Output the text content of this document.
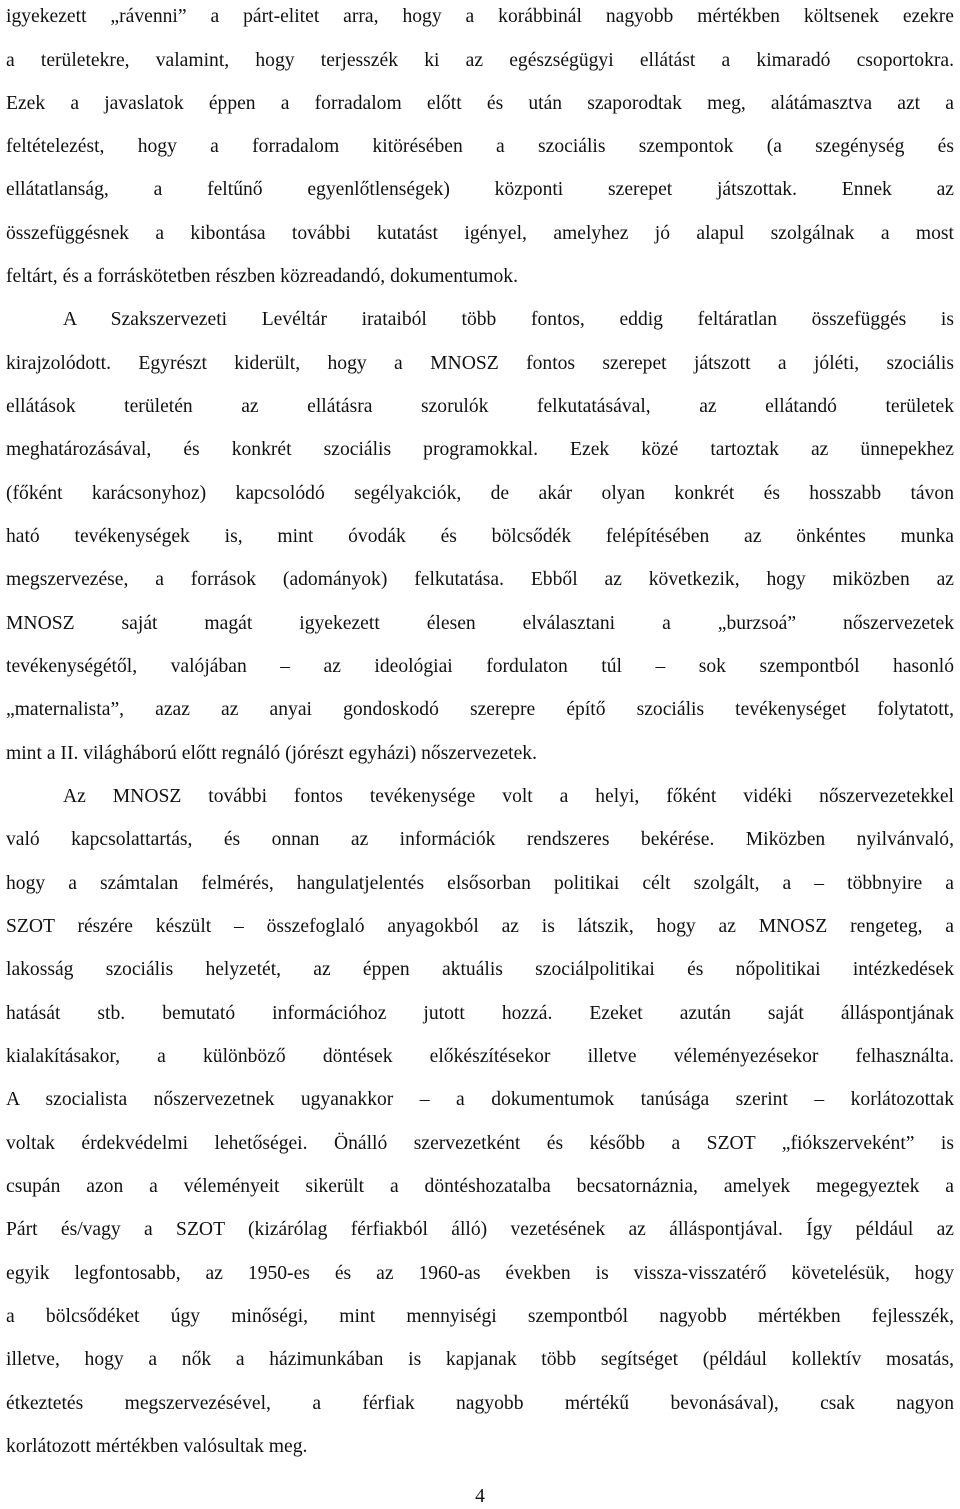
igyekezett „rávenni” a párt-elitet arra, hogy a korábbinál nagyobb mértékben költsenek ezekre
a területekre, valamint, hogy terjesszék ki az egészségügyi ellátást a kimaradó csoportokra.
Ezek a javaslatok éppen a forradalom előtt és után szaporodtak meg, alátámasztva azt a
feltételezést, hogy a forradalom kitörésében a szociális szempontok (a szegénység és
ellátatlanság, a feltűnő egyenlőtlenségek) központi szerepet játszottak. Ennek az
összefüggésnek a kibontása további kutatást igényel, amelyhez jó alapul szolgálnak a most
feltárt, és a forráskötetben részben közreadandó, dokumentumok.
A Szakszervezeti Levéltár irataiból több fontos, eddig feltáratlan összefüggés is
kirajzolódott. Egyrészt kiderült, hogy a MNOSZ fontos szerepet játszott a jóléti, szociális
ellátások területén az ellátásra szorulók felkutatásával, az ellátandó területek
meghatározásával, és konkrét szociális programokkal. Ezek közé tartoztak az ünnepekhez
(főként karácsonyhoz) kapcsolódó segélyakciók, de akár olyan konkrét és hosszabb távon
ható tevékenységek is, mint óvodák és bölcsődék felépítésében az önkéntes munka
megszervezése, a források (adományok) felkutatása. Ebből az következik, hogy miközben az
MNOSZ saját magát igyekezett élesen elválasztani a „burzsoá” nőszervezetek
tevékenységétől, valójában – az ideológiai fordulaton túl – sok szempontból hasonló
„maternalista”, azaz az anyai gondoskodó szerepre építő szociális tevékenységet folytatott,
mint a II. világháború előtt regnáló (jórészt egyházi) nőszervezetek.
Az MNOSZ további fontos tevékenysége volt a helyi, főként vidéki nőszervezetekkel
való kapcsolattartás, és onnan az információk rendszeres bekérése. Miközben nyilvánvaló,
hogy a számtalan felmérés, hangulatjelentés elsősorban politikai célt szolgált, a – többnyire a
SZOT részére készült – összefoglaló anyagokból az is látszik, hogy az MNOSZ rengeteg, a
lakosság szociális helyzetét, az éppen aktuális szociálpolitikai és nőpolitikai intézkedések
hatását stb. bemutató információhoz jutott hozzá. Ezeket azután saját álláspontjának
kialakításakor, a különböző döntések előkészítésekor illetve véleményezésekor felhasználta.
A szocialista nőszervezetnek ugyanakkor – a dokumentumok tanúsága szerint – korlátozottak
voltak érdekvédelmi lehetőségei. Önálló szervezetként és később a SZOT „fiókszerveként” is
csupán azon a véleményeit sikerült a döntéshozatalba becsatornáznia, amelyek megegyeztek a
Párt és/vagy a SZOT (kizárólag férfiakból álló) vezetésének az álláspontjával. Így például az
egyik legfontosabb, az 1950-es és az 1960-as években is vissza-visszatérő követelésük, hogy
a bölcsődéket úgy minőségi, mint mennyiségi szempontból nagyobb mértékben fejlesszék,
illetve, hogy a nők a házimunkában is kapjanak több segítséget (például kollektív mosatás,
étkeztetés megszervezésével, a férfiak nagyobb mértékű bevonásával), csak nagyon
korlátozott mértékben valósultak meg.
4
